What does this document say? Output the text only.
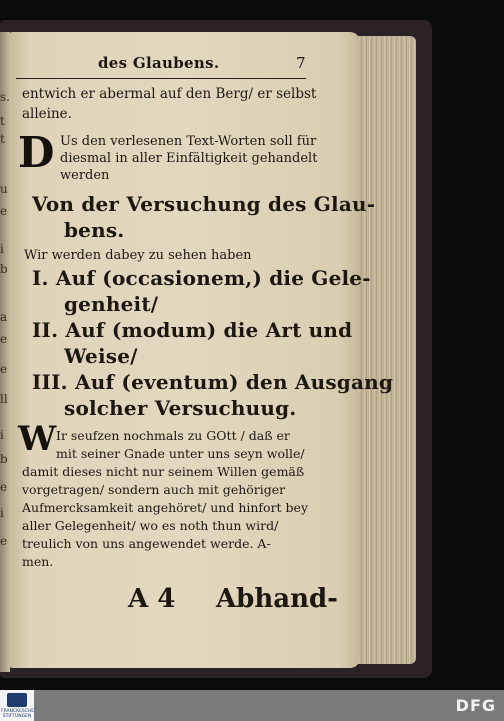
s.
t
t
u
e
i
b
a
e
e
ll
i
b
e
i
e
des Glaubens.	7
entwich er abermal auf den Berg/ er selbst
alleine.
D Us den verlesenen Text-Worten soll für
diesmal in aller Einfältigkeit gehandelt
werden
Von der Versuchung des Glau-
bens.
Wir werden dabey zu sehen haben
I. Auf (occasionem,) die Gele-
genheit/
II. Auf (modum) die Art und
Weise/
III. Auf (eventum) den Ausgang
solcher Versuchuug.
W Ir seufzen nochmals zu GOtt / daß er
mit seiner Gnade unter uns seyn wolle/
damit dieses nicht nur seinem Willen gemäß
vorgetragen/ sondern auch mit gehöriger
Aufmercksamkeit angehöret/ und hinfort bey
aller Gelegenheit/ wo es noth thun wird/
treulich von uns angewendet werde. A-
men.
A 4 Abhand-
FRANCKESCHE STIFTUNGEN
DFG
